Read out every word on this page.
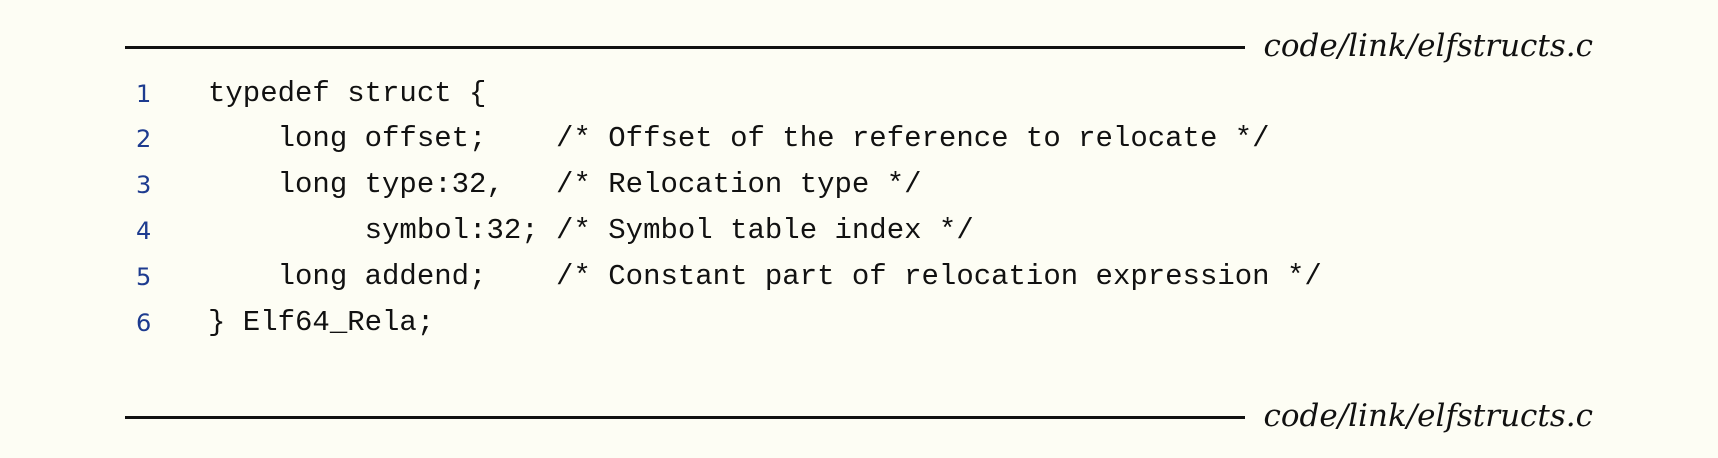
code/link/elfstructs.c
1	typedef struct {
2	long offset;    /* Offset of the reference to relocate */
3	long type:32,   /* Relocation type */
4	symbol:32; /* Symbol table index */
5	long addend;    /* Constant part of relocation expression */
6	} Elf64_Rela;
code/link/elfstructs.c
